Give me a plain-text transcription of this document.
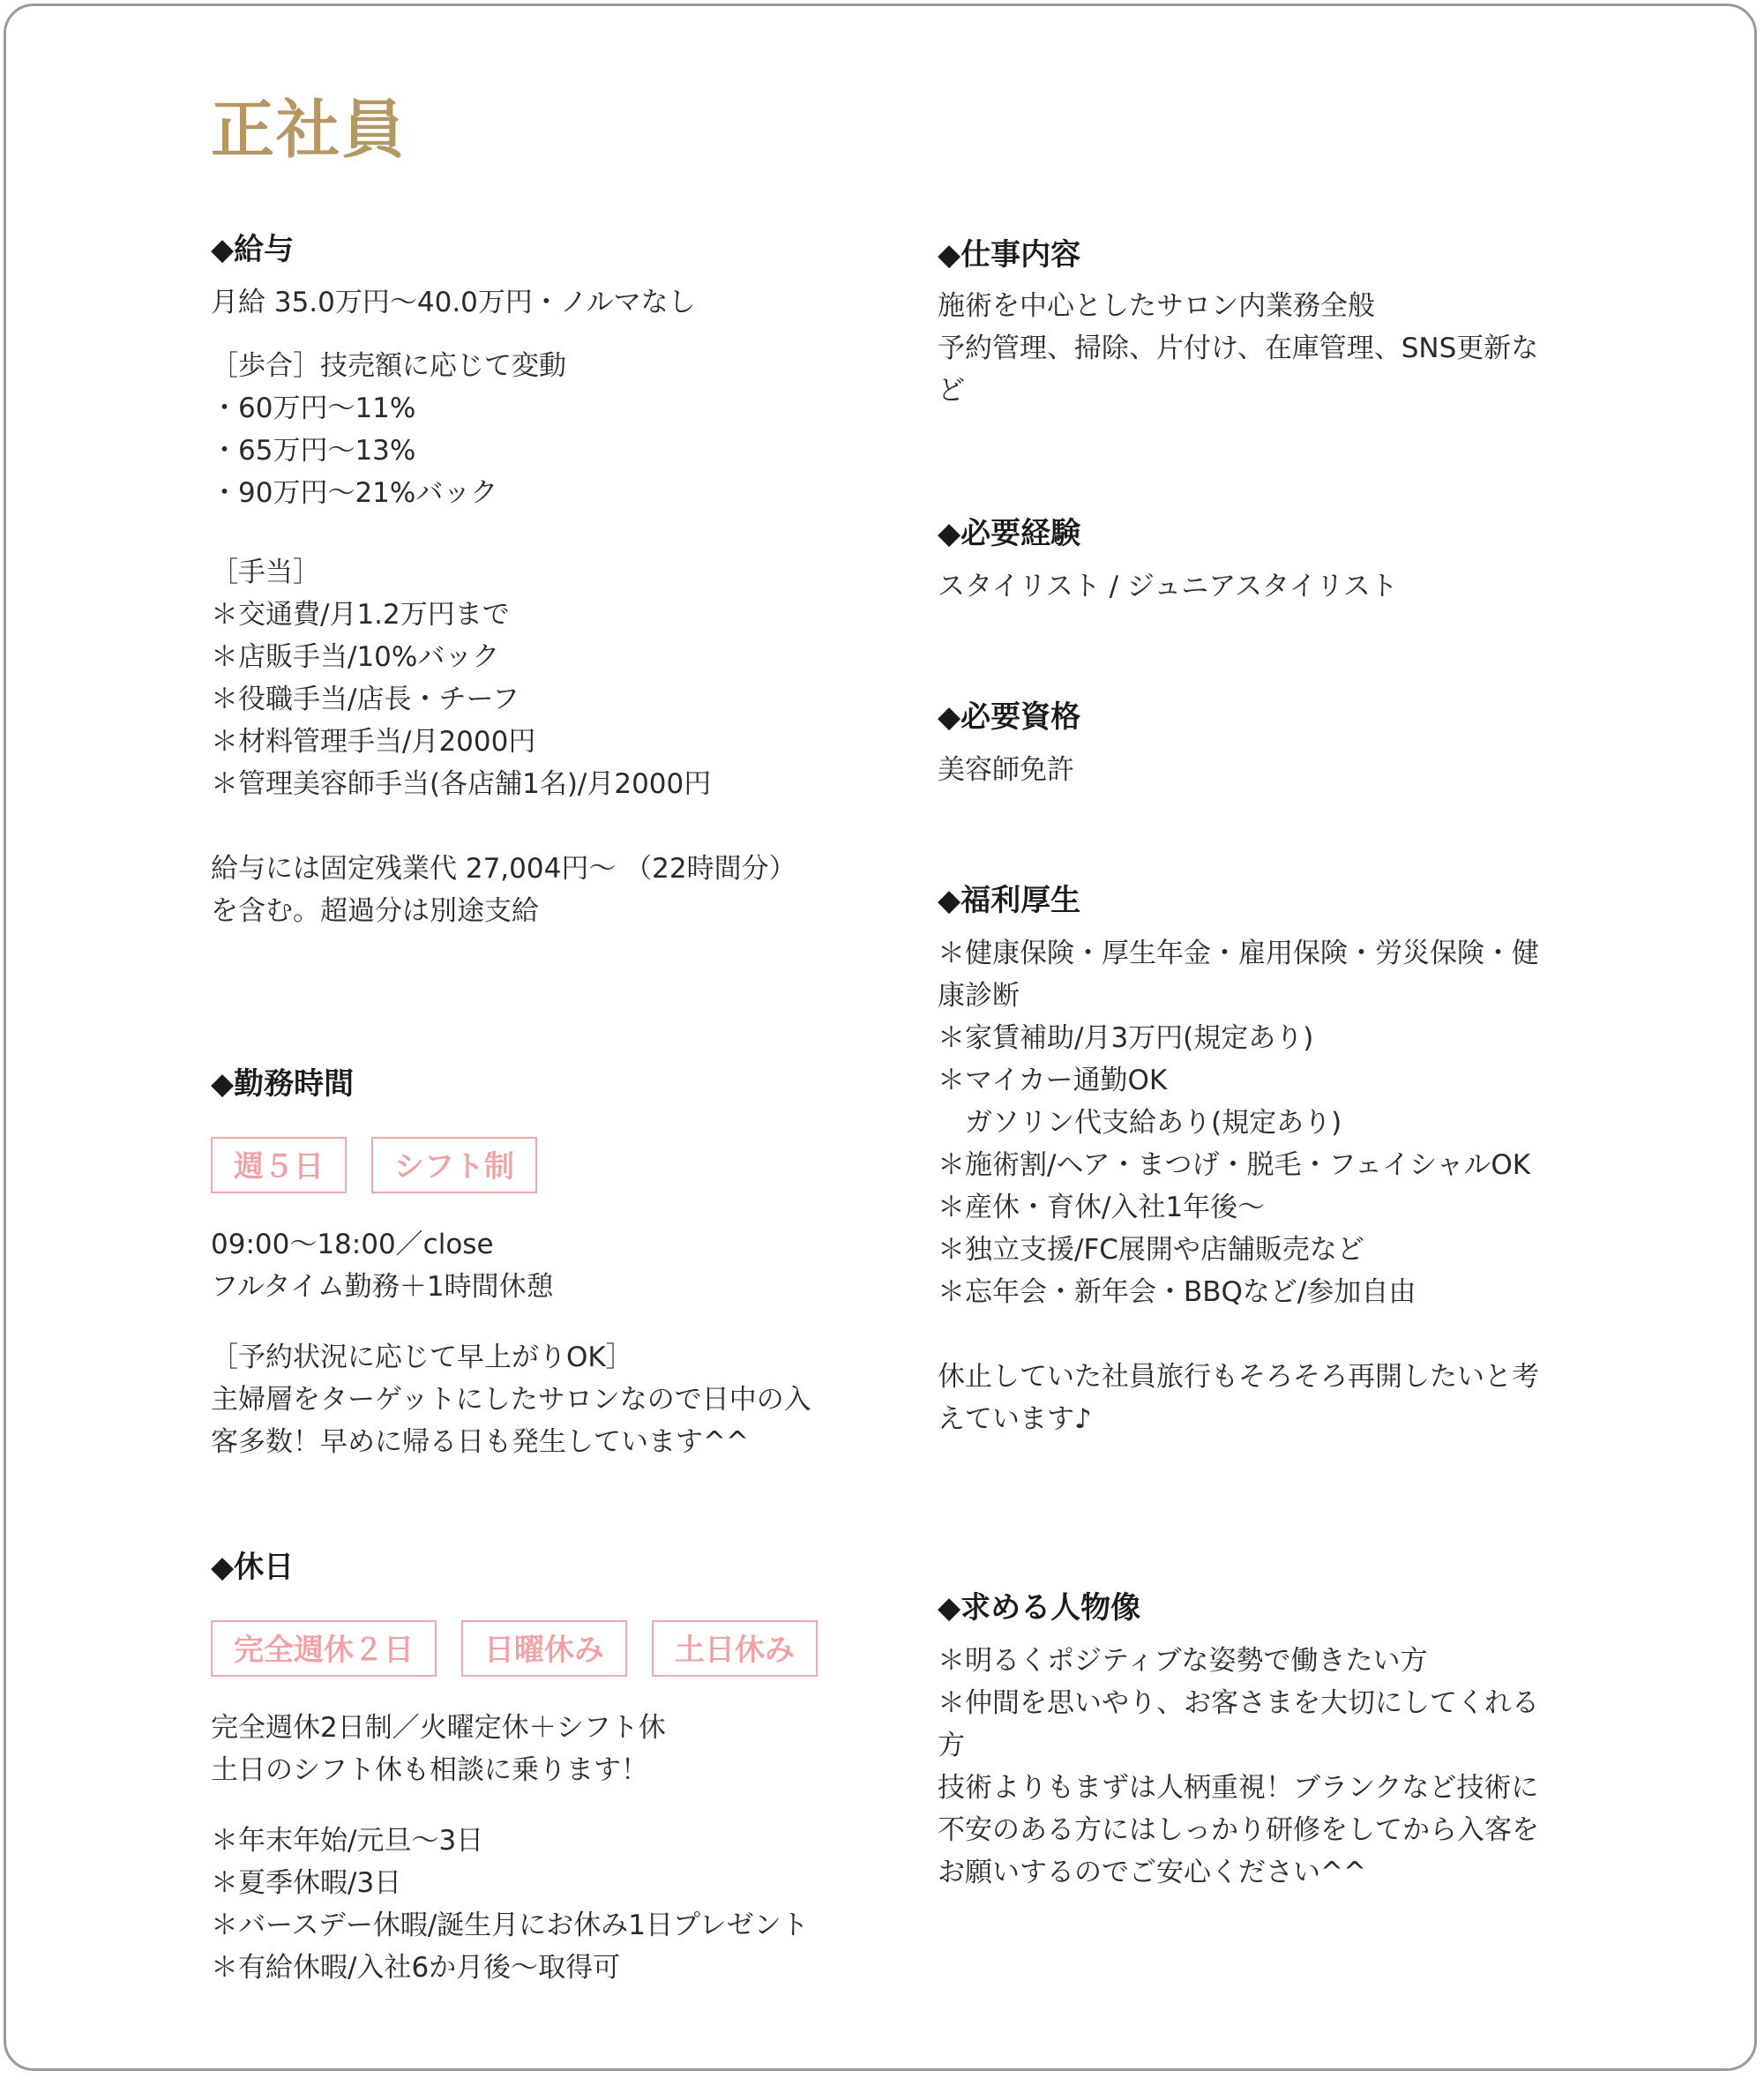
正社員
◆給与
月給 35.0万円〜40.0万円・ノルマなし
［歩合］技売額に応じて変動
・60万円〜11%
・65万円〜13%
・90万円〜21%バック
［手当］
＊交通費/月1.2万円まで
＊店販手当/10%バック
＊役職手当/店長・チーフ
＊材料管理手当/月2000円
＊管理美容師手当(各店舗1名)/月2000円
給与には固定残業代 27,004円〜 （22時間分）
を含む。超過分は別途支給
◆勤務時間
週５日	シフト制
09:00〜18:00／close
フルタイム勤務＋1時間休憩
［予約状況に応じて早上がりOK］
主婦層をターゲットにしたサロンなので日中の入
客多数！早めに帰る日も発生しています^^
◆休日
完全週休２日	日曜休み	土日休み
完全週休2日制／火曜定休＋シフト休
土日のシフト休も相談に乗ります！
＊年末年始/元旦〜3日
＊夏季休暇/3日
＊バースデー休暇/誕生月にお休み1日プレゼント
＊有給休暇/入社6か月後〜取得可
◆仕事内容
施術を中心としたサロン内業務全般
予約管理、掃除、片付け、在庫管理、SNS更新な
ど
◆必要経験
スタイリスト / ジュニアスタイリスト
◆必要資格
美容師免許
◆福利厚生
＊健康保険・厚生年金・雇用保険・労災保険・健
康診断
＊家賃補助/月3万円(規定あり)
＊マイカー通勤OK
　ガソリン代支給あり(規定あり)
＊施術割/ヘア・まつげ・脱毛・フェイシャルOK
＊産休・育休/入社1年後〜
＊独立支援/FC展開や店舗販売など
＊忘年会・新年会・BBQなど/参加自由
休止していた社員旅行もそろそろ再開したいと考
えています♪
◆求める人物像
＊明るくポジティブな姿勢で働きたい方
＊仲間を思いやり、お客さまを大切にしてくれる
方
技術よりもまずは人柄重視！ブランクなど技術に
不安のある方にはしっかり研修をしてから入客を
お願いするのでご安心ください^^
